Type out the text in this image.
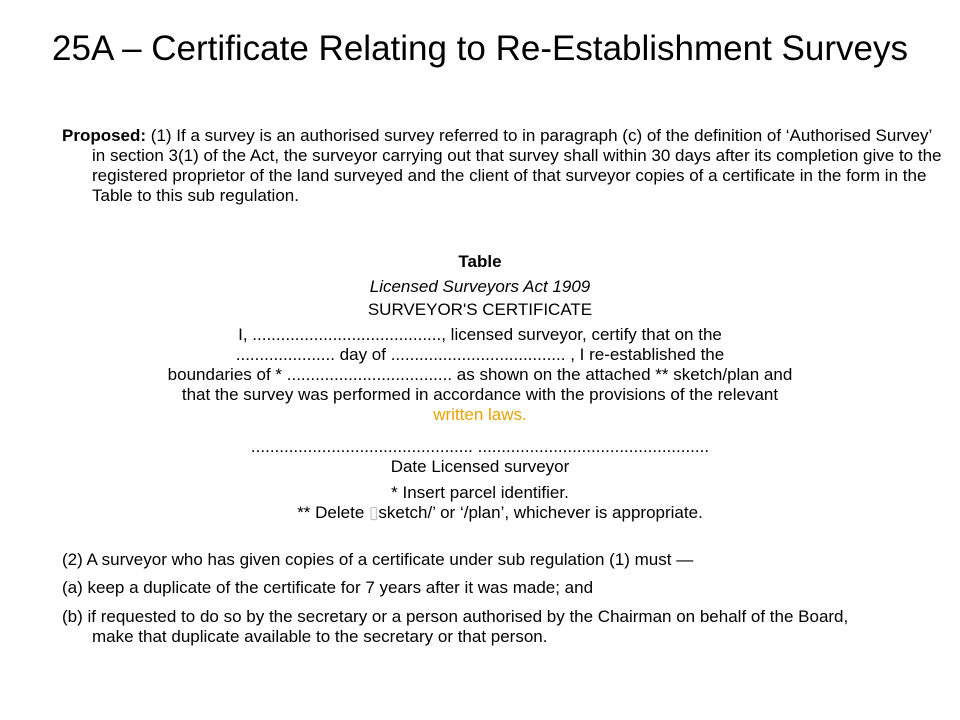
25A – Certificate Relating to Re-Establishment Surveys

Proposed: (1) If a survey is an authorised survey referred to in paragraph (c) of the definition of ‘Authorised Survey’ in section 3(1) of the Act, the surveyor carrying out that survey shall within 30 days after its completion give to the registered proprietor of the land surveyed and the client of that surveyor copies of a certificate in the form in the Table to this sub regulation.

Table

Licensed Surveyors Act 1909

SURVEYOR'S CERTIFICATE

I, ........................................, licensed surveyor, certify that on the
..................... day of ..................................... , I re-established the
boundaries of * ................................... as shown on the attached ** sketch/plan and
that the survey was performed in accordance with the provisions of the relevant
written laws.

............................................... .................................................

Date Licensed surveyor

* Insert parcel identifier.

** Delete ▯sketch/’ or ‘/plan’, whichever is appropriate.

(2) A surveyor who has given copies of a certificate under sub regulation (1) must —

(a) keep a duplicate of the certificate for 7 years after it was made; and

(b) if requested to do so by the secretary or a person authorised by the Chairman on behalf of the Board, make that duplicate available to the secretary or that person.
